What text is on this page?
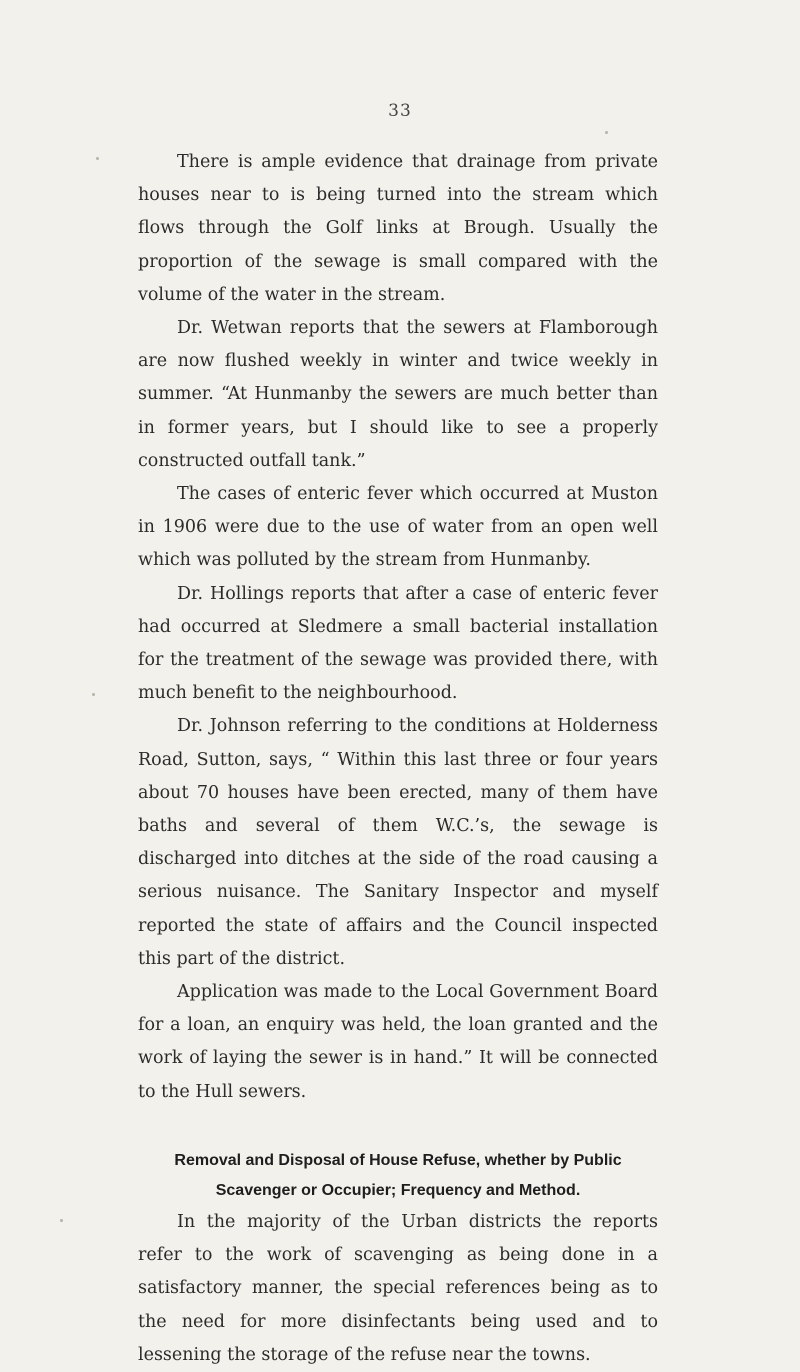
33

There is ample evidence that drainage from private houses near to is being turned into the stream which flows through the Golf links at Brough. Usually the proportion of the sewage is small compared with the volume of the water in the stream.

Dr. Wetwan reports that the sewers at Flamborough are now flushed weekly in winter and twice weekly in summer. “At Hunmanby the sewers are much better than in former years, but I should like to see a properly constructed outfall tank.”

The cases of enteric fever which occurred at Muston in 1906 were due to the use of water from an open well which was polluted by the stream from Hunmanby.

Dr. Hollings reports that after a case of enteric fever had occurred at Sledmere a small bacterial installation for the treatment of the sewage was provided there, with much benefit to the neighbourhood.

Dr. Johnson referring to the conditions at Holderness Road, Sutton, says, “ Within this last three or four years about 70 houses have been erected, many of them have baths and several of them W.C.’s, the sewage is discharged into ditches at the side of the road causing a serious nuisance. The Sanitary Inspector and myself reported the state of affairs and the Council inspected this part of the district.

Application was made to the Local Government Board for a loan, an enquiry was held, the loan granted and the work of laying the sewer is in hand.” It will be connected to the Hull sewers.

Removal and Disposal of House Refuse, whether by Public
Scavenger or Occupier; Frequency and Method.

In the majority of the Urban districts the reports refer to the work of scavenging as being done in a satisfactory manner, the special references being as to the need for more disinfectants being used and to lessening the storage of the refuse near the towns.
